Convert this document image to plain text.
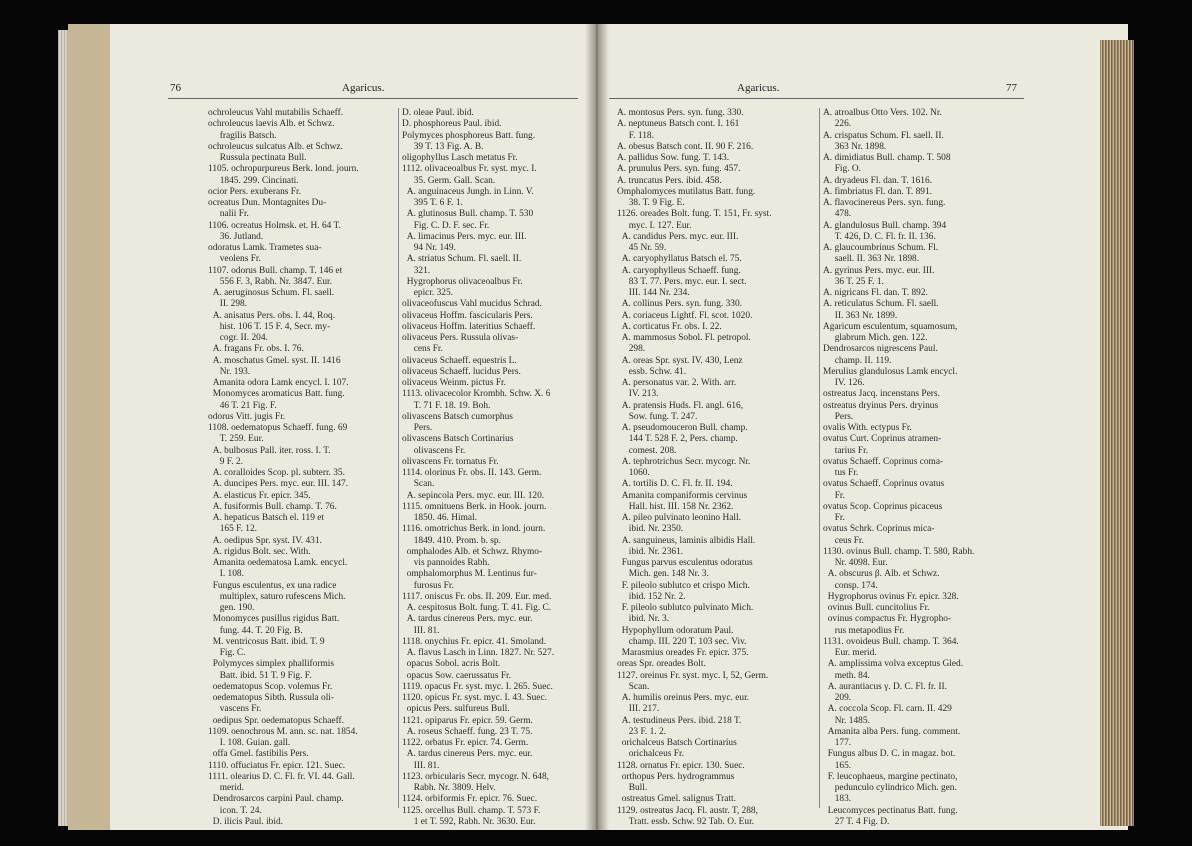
76	Agaricus.
ochroleucus Vahl mutabilis Schaeff.
ochroleucus laevis Alb. et Schwz.
fragilis Batsch.
ochroleucus sulcatus Alb. et Schwz.
Russula pectinata Bull.
1105. ochropurpureus Berk. lond. journ.
1845. 299. Cincinati.
ocior Pers. exuberans Fr.
ocreatus Dun. Montagnites Du-
nalii Fr.
1106. ocreatus Holmsk. et. H. 64 T.
36. Jutland.
odoratus Lamk. Trametes sua-
veolens Fr.
1107. odorus Bull. champ. T. 146 et
556 F. 3, Rabh. Nr. 3847. Eur.
A. aeruginosus Schum. Fl. saell.
II. 298.
A. anisatus Pers. obs. I. 44, Roq.
hist. 106 T. 15 F. 4, Secr. my-
cogr. II. 204.
A. fragans Fr. obs. I. 76.
A. moschatus Gmel. syst. II. 1416
Nr. 193.
Amanita odora Lamk encycl. I. 107.
Monomyces aromaticus Batt. fung.
46 T. 21 Fig. F.
odorus Vitt. jugis Fr.
1108. oedematopus Schaeff. fung. 69
T. 259. Eur.
A. bulbosus Pall. iter. ross. I. T.
9 F. 2.
A. coralloides Scop. pl. subterr. 35.
A. duncipes Pers. myc. eur. III. 147.
A. elasticus Fr. epicr. 345.
A. fusiformis Bull. champ. T. 76.
A. hepaticus Batsch el. 119 et
165 F. 12.
A. oedipus Spr. syst. IV. 431.
A. rigidus Bolt. sec. With.
Amanita oedematosa Lamk. encycl.
I. 108.
Fungus esculentus, ex una radice
multiplex, saturo rufescens Mich.
gen. 190.
Monomyces pusillus rigidus Batt.
fung. 44. T. 20 Fig. B.
M. ventricosus Batt. ibid. T. 9
Fig. C.
Polymyces simplex phalliformis
Batt. ibid. 51 T. 9 Fig. F.
oedematopus Scop. volemus Fr.
oedematopus Sibth. Russula oli-
vascens Fr.
oedipus Spr. oedematopus Schaeff.
1109. oenochrous M. ann. sc. nat. 1854.
I. 108. Guian. gall.
offa Gmel. fastibilis Pers.
1110. offuciatus Fr. epicr. 121. Suec.
1111. olearius D. C. Fl. fr. VI. 44. Gall.
merid.
Dendrosarcos carpini Paul. champ.
icon. T. 24.
D. ilicis Paul. ibid.
D. oleae Paul. ibid.
D. phosphoreus Paul. ibid.
Polymyces phosphoreus Batt. fung.
39 T. 13 Fig. A. B.
oligophyllus Lasch metatus Fr.
1112. olivaceoalbus Fr. syst. myc. I.
35. Germ. Gall. Scan.
A. anguinaceus Jungh. in Linn. V.
395 T. 6 F. 1.
A. glutinosus Bull. champ. T. 530
Fig. C. D. F. sec. Fr.
A. limacinus Pers. myc. eur. III.
94 Nr. 149.
A. striatus Schum. Fl. saell. II.
321.
Hygrophorus olivaceoalbus Fr.
epicr. 325.
olivaceofuscus Vahl mucidus Schrad.
olivaceus Hoffm. fascicularis Pers.
olivaceus Hoffm. lateritius Schaeff.
olivaceus Pers. Russula olivas-
cens Fr.
olivaceus Schaeff. equestris L.
olivaceus Schaeff. lucidus Pers.
olivaceus Weinm. pictus Fr.
1113. olivacecolor Krombh. Schw. X. 6
T. 71 F. 18. 19. Boh.
olivascens Batsch cumorphus
Pers.
olivascens Batsch Cortinarius
olivascens Fr.
olivascens Fr. tornatus Fr.
1114. olorinus Fr. obs. II. 143. Germ.
Scan.
A. sepincola Pers. myc. eur. III. 120.
1115. omnituens Berk. in Hook. journ.
1850. 46. Himal.
1116. omotrichus Berk. in lond. journ.
1849. 410. Prom. b. sp.
omphalodes Alb. et Schwz. Rhymo-
vis pannoides Rabh.
omphalomorphus M. Lentinus fur-
furosus Fr.
1117. oniscus Fr. obs. II. 209. Eur. med.
A. cespitosus Bolt. fung. T. 41. Fig. C.
A. tardus cinereus Pers. myc. eur.
III. 81.
1118. onychius Fr. epicr. 41. Smoland.
A. flavus Lasch in Linn. 1827. Nr. 527.
opacus Sobol. acris Bolt.
opacus Sow. caerussatus Fr.
1119. opacus Fr. syst. myc. I. 265. Suec.
1120. opicus Fr. syst. myc. I. 43. Suec.
opicus Pers. sulfureus Bull.
1121. opiparus Fr. epicr. 59. Germ.
A. roseus Schaeff. fung. 23 T. 75.
1122. orbatus Fr. epicr. 74. Germ.
A. tardus cinereus Pers. myc. eur.
III. 81.
1123. orbicularis Secr. mycogr. N. 648,
Rabh. Nr. 3809. Helv.
1124. orbiformis Fr. epicr. 76. Suec.
1125. orcellus Bull. champ. T. 573 F.
1 et T. 592, Rabh. Nr. 3630. Eur.
Agaricus.	77
A. montosus Pers. syn. fung. 330.
A. neptuneus Batsch cont. I. 161
F. 118.
A. obesus Batsch cont. II. 90 F. 216.
A. pallidus Sow. fung. T. 143.
A. prunulus Pers. syn. fung. 457.
A. truncatus Pers. ibid. 458.
Omphalomyces mutilatus Batt. fung.
38. T. 9 Fig. E.
1126. oreades Bolt. fung. T. 151, Fr. syst.
myc. I. 127. Eur.
A. candidus Pers. myc. eur. III.
45 Nr. 59.
A. caryophyllatus Batsch el. 75.
A. caryophylleus Schaeff. fung.
83 T. 77. Pers. myc. eur. I. sect.
III. 144 Nr. 234.
A. collinus Pers. syn. fung. 330.
A. coriaceus Lightf. Fl. scot. 1020.
A. corticatus Fr. obs. I. 22.
A. mammosus Sobol. Fl. petropol.
298.
A. oreas Spr. syst. IV. 430, Lenz
essb. Schw. 41.
A. personatus var. 2. With. arr.
IV. 213.
A. pratensis Huds. Fl. angl. 616,
Sow. fung. T. 247.
A. pseudomouceron Bull. champ.
144 T. 528 F. 2, Pers. champ.
comest. 208.
A. tephrotrichus Secr. mycogr. Nr.
1060.
A. tortilis D. C. Fl. fr. II. 194.
Amanita companiformis cervinus
Hall. hist. III. 158 Nr. 2362.
A. pileo pulvinato leonino Hall.
ibid. Nr. 2350.
A. sanguineus, laminis albidis Hall.
ibid. Nr. 2361.
Fungus parvus esculentus odoratus
Mich. gen. 148 Nr. 3.
F. pileolo sublutco et crispo Mich.
ibid. 152 Nr. 2.
F. pileolo sublutco pulvinato Mich.
ibid. Nr. 3.
Hypophyllum odoratum Paul.
champ. III. 220 T. 103 sec. Viv.
Marasmius oreades Fr. epicr. 375.
oreas Spr. oreades Bolt.
1127. oreinus Fr. syst. myc. I, 52, Germ.
Scan.
A. humilis oreinus Pers. myc. eur.
III. 217.
A. testudineus Pers. ibid. 218 T.
23 F. 1. 2.
orichalceus Batsch Cortinarius
orichalceus Fr.
1128. ornatus Fr. epicr. 130. Suec.
orthopus Pers. hydrogrammus
Bull.
ostreatus Gmel. salignus Tratt.
1129. ostreatus Jacq. Fl. austr. T, 288,
Tratt. essb. Schw. 92 Tab. O. Eur.
A. atroalbus Otto Vers. 102. Nr.
226.
A. crispatus Schum. Fl. saell. II.
363 Nr. 1898.
A. dimidiatus Bull. champ. T. 508
Fig. O.
A. dryadeus Fl. dan. T. 1616.
A. fimbriatus Fl. dan. T. 891.
A. flavocinereus Pers. syn. fung.
478.
A. glandulosus Bull. champ. 394
T. 426, D. C. Fl. fr. II. 136.
A. glaucoumbrinus Schum. Fl.
saell. II. 363 Nr. 1898.
A. gyrinus Pers. myc. eur. III.
36 T. 25 F. 1.
A. nigricans Fl. dan. T. 892.
A. reticulatus Schum. Fl. saell.
II. 363 Nr. 1899.
Agaricum esculentum, squamosum,
glabrum Mich. gen. 122.
Dendrosarcos nigrescens Paul.
champ. II. 119.
Merulius glandulosus Lamk encycl.
IV. 126.
ostreatus Jacq. incenstans Pers.
ostreatus dryinus Pers. dryinus
Pers.
ovalis With. ectypus Fr.
ovatus Curt. Coprinus atramen-
tarius Fr.
ovatus Schaeff. Coprinus coma-
tus Fr.
ovatus Schaeff. Coprinus ovatus
Fr.
ovatus Scop. Coprinus picaceus
Fr.
ovatus Schrk. Coprinus mica-
ceus Fr.
1130. ovinus Bull. champ. T. 580, Rabh.
Nr. 4098. Eur.
A. obscurus β. Alb. et Schwz.
consp. 174.
Hygrophorus ovinus Fr. epicr. 328.
ovinus Bull. cuncitolius Fr.
ovinus compactus Fr. Hygropho-
rus metapodius Fr.
1131. ovoideus Bull. champ. T. 364.
Eur. merid.
A. amplissima volva exceptus Gled.
meth. 84.
A. aurantiacus γ. D. C. Fl. fr. II.
209.
A. coccola Scop. Fl. carn. II. 429
Nr. 1485.
Amanita alba Pers. fung. comment.
177.
Fungus albus D. C. in magaz. bot.
165.
F. leucophaeus, margine pectinato,
pedunculo cylindrico Mich. gen.
183.
Leucomyces pectinatus Batt. fung.
27 T. 4 Fig. D.
